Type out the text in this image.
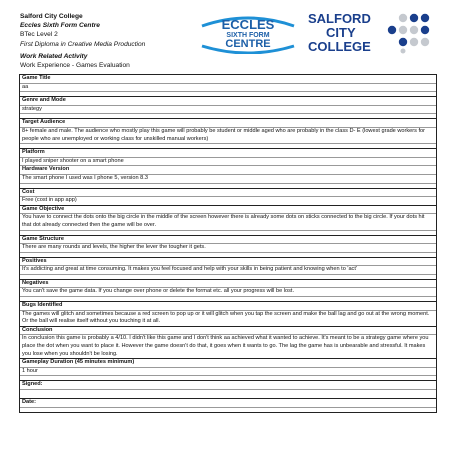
Salford City College
Eccles Sixth Form Centre
BTec Level 2
First Diploma in Creative Media Production
Work Related Activity
Work Experience - Games Evaluation
ECCLES
SIXTH FORM
CENTRE
SALFORD
CITY
COLLEGE
Game Title
aa
Genre and Mode
strategy
Target Audience
8+ female and male. The audience who mostly play this game will probably be student or middle aged who are probably in the class D- E (lowest grade workers for people who are unemployed or working class for unskilled manual workers)
Platform
I played sniper shooter on a smart phone
Hardware Version
The smart phone I used was I phone 5, version 8.3
Cost
Free (cost in app app)
Game Objective
You have to connect the dots onto the big circle in the middle of the screen however there is already some dots on sticks connected to the big circle. If your dots hit that dot already connected then the game will be over.
Game Structure
There are many rounds and levels, the higher the lever the tougher it gets.
Positives
It's addicting and great at time consuming. It makes you feel focused and help with your skills in being patient and knowing when to 'act'
Negatives
You can't save the game data. If you change over phone or delete the format etc. all your progress will be lost.
Bugs Identified
The games will glitch and sometimes because a red screen to pop up or it will glitch when you tap the screen and make the ball lag and go out at the wrong moment. Or the ball will realise itself without you touching it at all.
Conclusion
In conclusion this game is probably a 4/10. I didn't like this game and I don't think aa achieved what it wanted to achieve. It's meant to be a strategy game where you place the dot when you want to place it. However the game doesn't do that, it goes when it wants to go. The lag the game has is unbearable and stressful. It makes you lose when you shouldn't be losing.
Gameplay Duration (45 minutes minimum)
1 hour
Signed:
Date:
